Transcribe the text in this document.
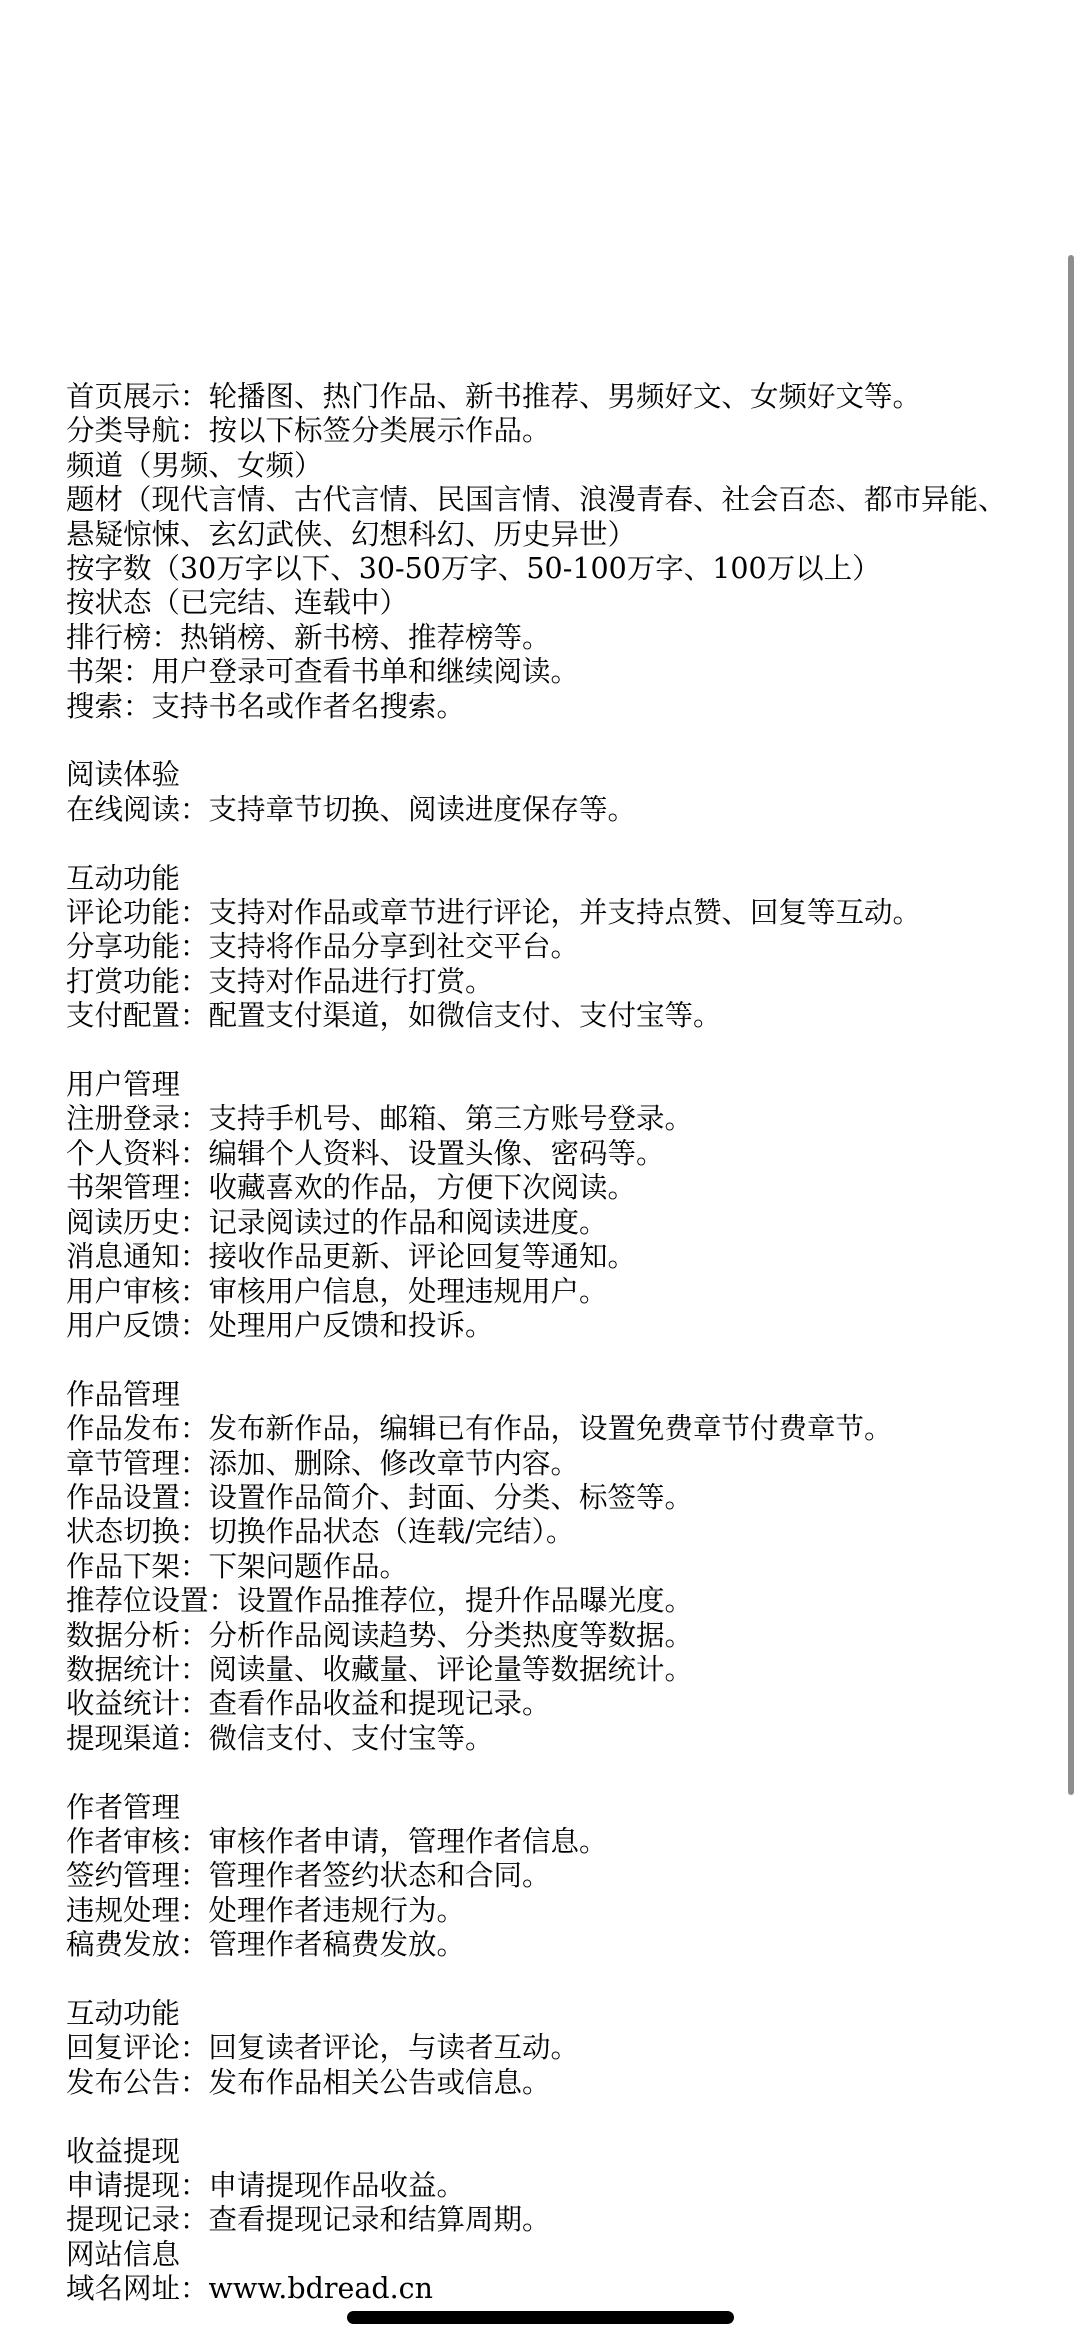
首页展示：轮播图、热门作品、新书推荐、男频好文、女频好文等。
分类导航：按以下标签分类展示作品。
频道（男频、女频）
题材（现代言情、古代言情、民国言情、浪漫青春、社会百态、都市异能、悬疑惊悚、玄幻武侠、幻想科幻、历史异世）
按字数（30万字以下、30-50万字、50-100万字、100万以上）
按状态（已完结、连载中）
排行榜：热销榜、新书榜、推荐榜等。
书架：用户登录可查看书单和继续阅读。
搜索：支持书名或作者名搜索。
阅读体验
在线阅读：支持章节切换、阅读进度保存等。
互动功能
评论功能：支持对作品或章节进行评论，并支持点赞、回复等互动。
分享功能：支持将作品分享到社交平台。
打赏功能：支持对作品进行打赏。
支付配置：配置支付渠道，如微信支付、支付宝等。
用户管理
注册登录：支持手机号、邮箱、第三方账号登录。
个人资料：编辑个人资料、设置头像、密码等。
书架管理：收藏喜欢的作品，方便下次阅读。
阅读历史：记录阅读过的作品和阅读进度。
消息通知：接收作品更新、评论回复等通知。
用户审核：审核用户信息，处理违规用户。
用户反馈：处理用户反馈和投诉。
作品管理
作品发布：发布新作品，编辑已有作品，设置免费章节付费章节。
章节管理：添加、删除、修改章节内容。
作品设置：设置作品简介、封面、分类、标签等。
状态切换：切换作品状态（连载/完结）。
作品下架：下架问题作品。
推荐位设置：设置作品推荐位，提升作品曝光度。
数据分析：分析作品阅读趋势、分类热度等数据。
数据统计：阅读量、收藏量、评论量等数据统计。
收益统计：查看作品收益和提现记录。
提现渠道：微信支付、支付宝等。
作者管理
作者审核：审核作者申请，管理作者信息。
签约管理：管理作者签约状态和合同。
违规处理：处理作者违规行为。
稿费发放：管理作者稿费发放。
互动功能
回复评论：回复读者评论，与读者互动。
发布公告：发布作品相关公告或信息。
收益提现
申请提现：申请提现作品收益。
提现记录：查看提现记录和结算周期。
网站信息
域名网址：www.bdread.cn
